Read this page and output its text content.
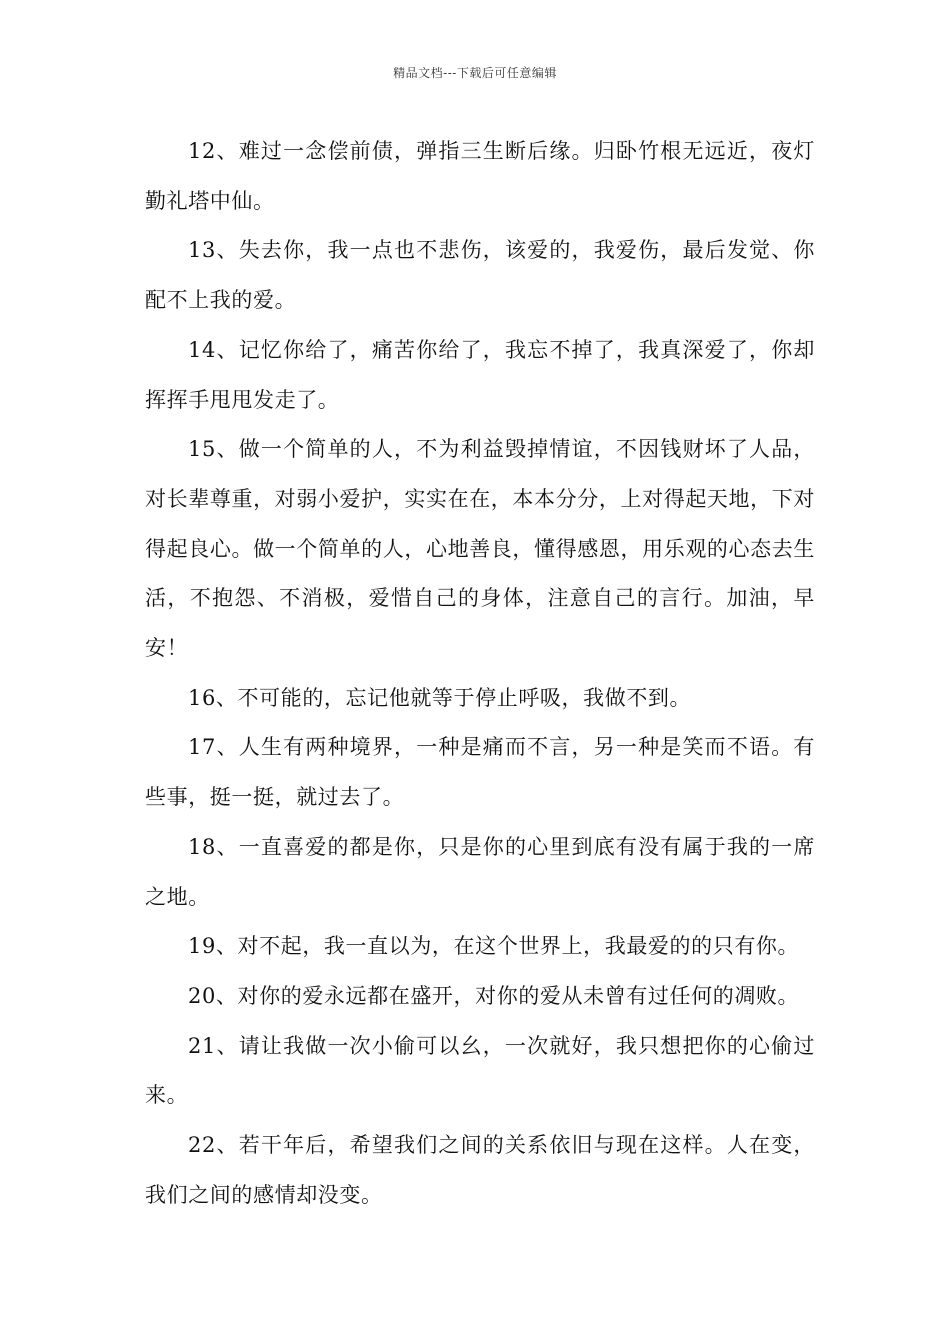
精品文档---下载后可任意编辑

12、难过一念偿前债，弹指三生断后缘。归卧竹根无远近，夜灯勤礼塔中仙。

13、失去你，我一点也不悲伤，该爱的，我爱伤，最后发觉、你配不上我的爱。

14、记忆你给了，痛苦你给了，我忘不掉了，我真深爱了，你却挥挥手甩甩发走了。

15、做一个简单的人，不为利益毁掉情谊，不因钱财坏了人品，对长辈尊重，对弱小爱护，实实在在，本本分分，上对得起天地，下对得起良心。做一个简单的人，心地善良，懂得感恩，用乐观的心态去生活，不抱怨、不消极，爱惜自己的身体，注意自己的言行。加油，早安！

16、不可能的，忘记他就等于停止呼吸，我做不到。

17、人生有两种境界，一种是痛而不言，另一种是笑而不语。有些事，挺一挺，就过去了。

18、一直喜爱的都是你，只是你的心里到底有没有属于我的一席之地。

19、对不起，我一直以为，在这个世界上，我最爱的的只有你。

20、对你的爱永远都在盛开，对你的爱从未曾有过任何的凋败。

21、请让我做一次小偷可以幺，一次就好，我只想把你的心偷过来。

22、若干年后，希望我们之间的关系依旧与现在这样。人在变，我们之间的感情却没变。
